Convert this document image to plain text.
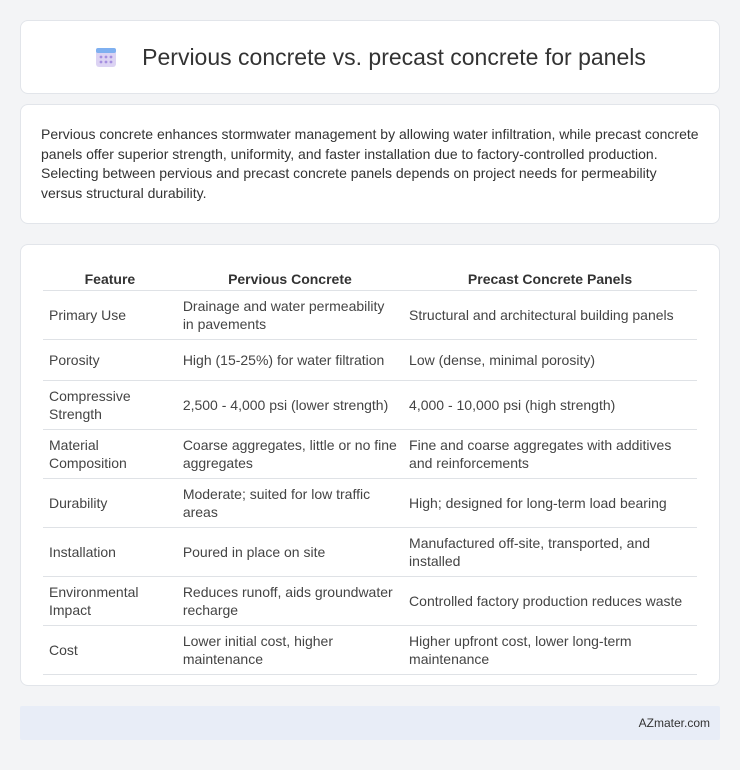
Pervious concrete vs. precast concrete for panels

Pervious concrete enhances stormwater management by allowing water infiltration, while precast concrete panels offer superior strength, uniformity, and faster installation due to factory-controlled production. Selecting between pervious and precast concrete panels depends on project needs for permeability versus structural durability.

Feature	Pervious Concrete	Precast Concrete Panels
Primary Use	Drainage and water permeability in pavements	Structural and architectural building panels
Porosity	High (15-25%) for water filtration	Low (dense, minimal porosity)
Compressive Strength	2,500 - 4,000 psi (lower strength)	4,000 - 10,000 psi (high strength)
Material Composition	Coarse aggregates, little or no fine aggregates	Fine and coarse aggregates with additives and reinforcements
Durability	Moderate; suited for low traffic areas	High; designed for long-term load bearing
Installation	Poured in place on site	Manufactured off-site, transported, and installed
Environmental Impact	Reduces runoff, aids groundwater recharge	Controlled factory production reduces waste
Cost	Lower initial cost, higher maintenance	Higher upfront cost, lower long-term maintenance
AZmater.com
